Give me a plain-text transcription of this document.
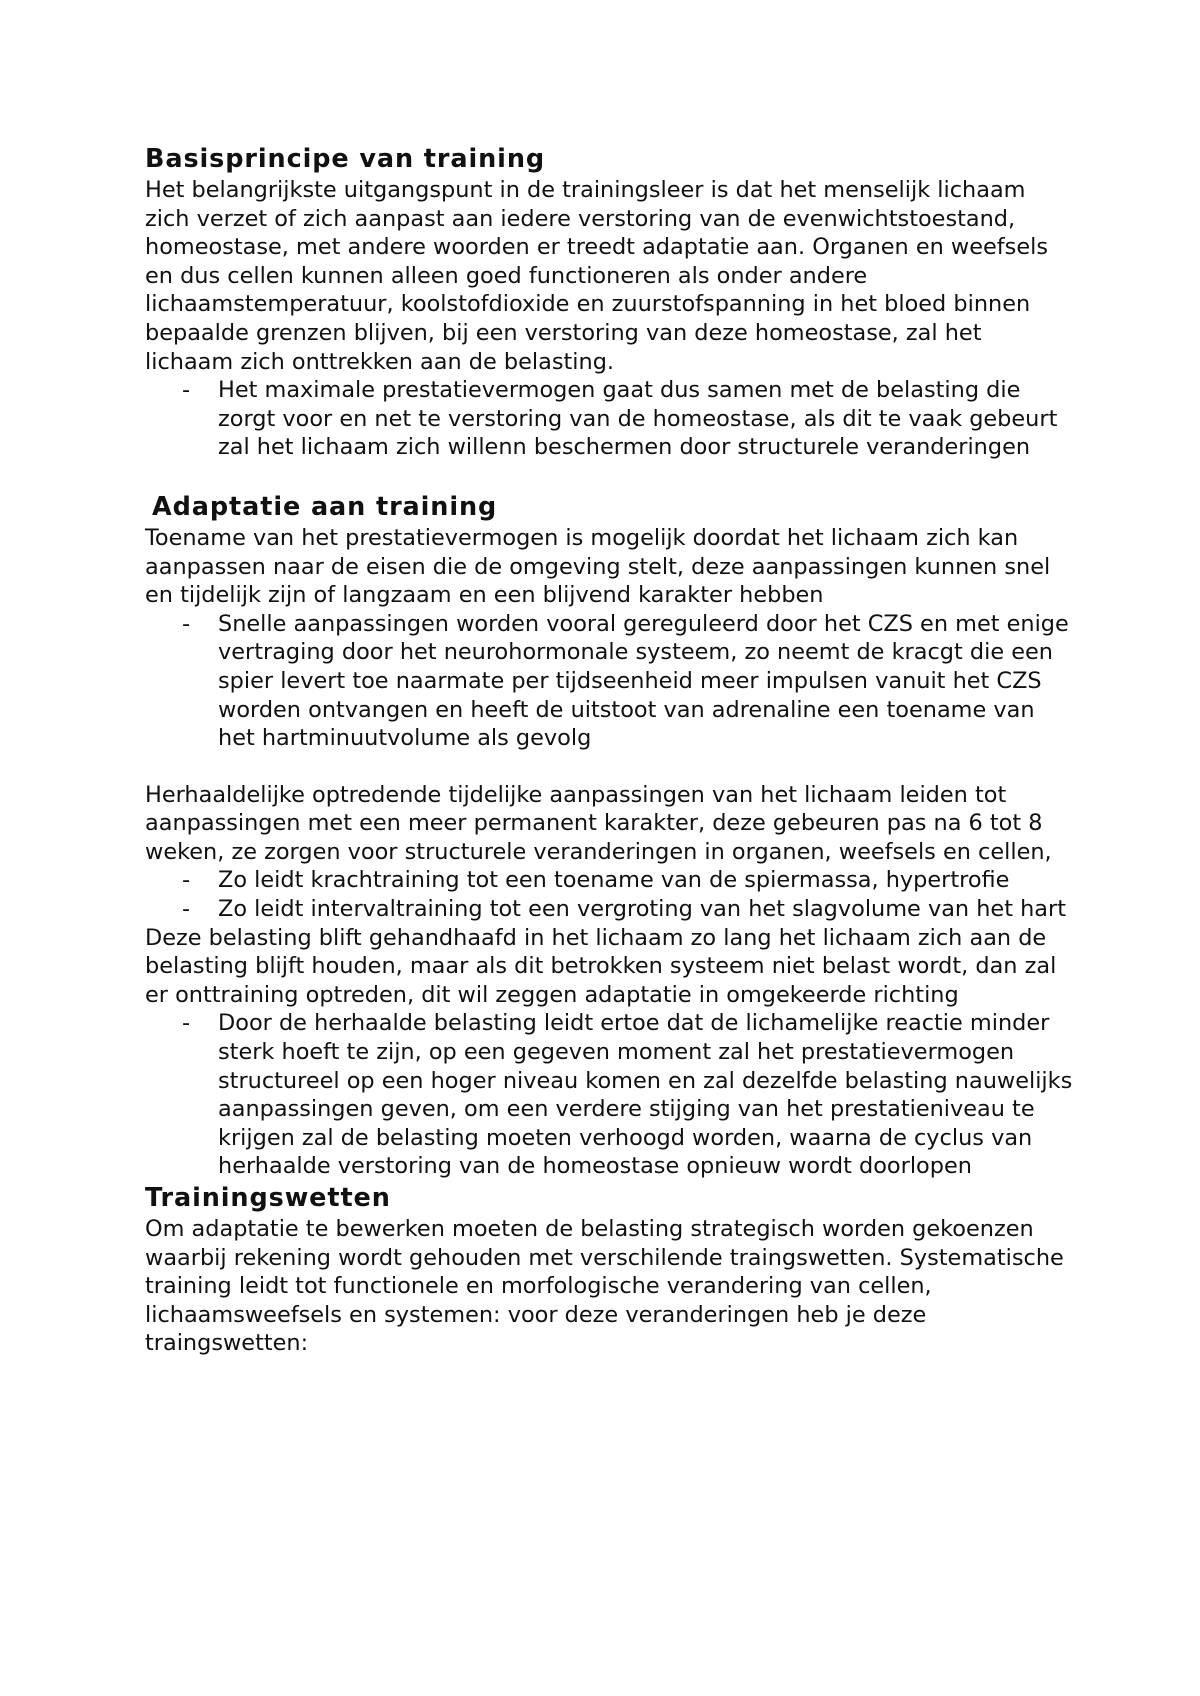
Basisprincipe van training

Het belangrijkste uitgangspunt in de trainingsleer is dat het menselijk lichaam zich verzet of zich aanpast aan iedere verstoring van de evenwichtstoestand, homeostase, met andere woorden er treedt adaptatie aan. Organen en weefsels en dus cellen kunnen alleen goed functioneren als onder andere lichaamstemperatuur, koolstofdioxide en zuurstofspanning in het bloed binnen bepaalde grenzen blijven, bij een verstoring van deze homeostase, zal het lichaam zich onttrekken aan de belasting.

- Het maximale prestatievermogen gaat dus samen met de belasting die zorgt voor en net te verstoring van de homeostase, als dit te vaak gebeurt zal het lichaam zich willenn beschermen door structurele veranderingen
Adaptatie aan training

Toename van het prestatievermogen is mogelijk doordat het lichaam zich kan aanpassen naar de eisen die de omgeving stelt, deze aanpassingen kunnen snel en tijdelijk zijn of langzaam en een blijvend karakter hebben

- Snelle aanpassingen worden vooral gereguleerd door het CZS en met enige vertraging door het neurohormonale systeem, zo neemt de kracgt die een spier levert toe naarmate per tijdseenheid meer impulsen vanuit het CZS worden ontvangen en heeft de uitstoot van adrenaline een toename van het hartminuutvolume als gevolg

Herhaaldelijke optredende tijdelijke aanpassingen van het lichaam leiden tot aanpassingen met een meer permanent karakter, deze gebeuren pas na 6 tot 8 weken, ze zorgen voor structurele veranderingen in organen, weefsels en cellen,

- Zo leidt krachtraining tot een toename van de spiermassa, hypertrofie
- Zo leidt intervaltraining tot een vergroting van het slagvolume van het hart

Deze belasting blift gehandhaafd in het lichaam zo lang het lichaam zich aan de belasting blijft houden, maar als dit betrokken systeem niet belast wordt, dan zal er onttraining optreden, dit wil zeggen adaptatie in omgekeerde richting

- Door de herhaalde belasting leidt ertoe dat de lichamelijke reactie minder sterk hoeft te zijn, op een gegeven moment zal het prestatievermogen structureel op een hoger niveau komen en zal dezelfde belasting nauwelijks aanpassingen geven, om een verdere stijging van het prestatieniveau te krijgen zal de belasting moeten verhoogd worden, waarna de cyclus van herhaalde verstoring van de homeostase opnieuw wordt doorlopen
Trainingswetten

Om adaptatie te bewerken moeten de belasting strategisch worden gekoenzen waarbij rekening wordt gehouden met verschilende traingswetten. Systematische training leidt tot functionele en morfologische verandering van cellen, lichaamsweefsels en systemen: voor deze veranderingen heb je deze traingswetten:
